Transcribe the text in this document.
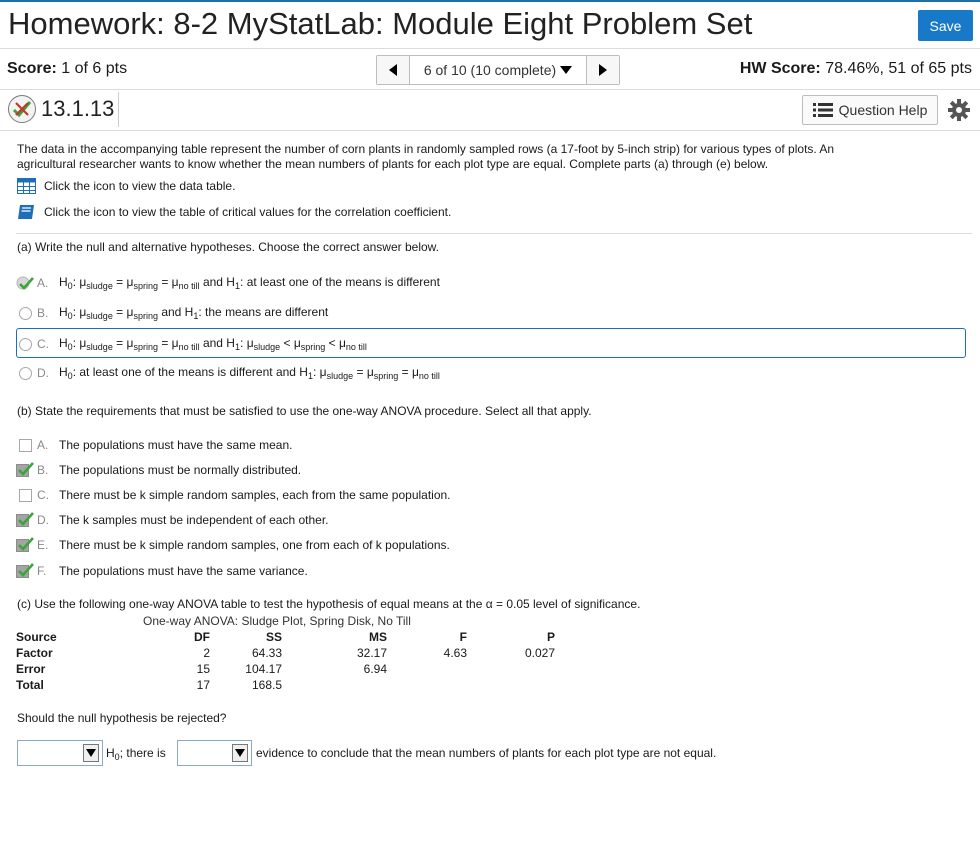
Homework: 8-2 MyStatLab: Module Eight Problem Set	Save
Score: 1 of 6 pts	6 of 10 (10 complete)	HW Score: 78.46%, 51 of 65 pts
13.1.13	Question Help
The data in the accompanying table represent the number of corn plants in randomly sampled rows (a 17-foot by 5-inch strip) for various types of plots. An
agricultural researcher wants to know whether the mean numbers of plants for each plot type are equal. Complete parts (a) through (e) below.
Click the icon to view the data table.
Click the icon to view the table of critical values for the correlation coefficient.
(a) Write the null and alternative hypotheses. Choose the correct answer below.
A. $H_0$: $\mu_{sludge} = \mu_{spring} = \mu_{no till}$ and $H_1$: at least one of the means is different
B. $H_0$: $\mu_{sludge} = \mu_{spring}$ and $H_1$: the means are different
C. $H_0$: $\mu_{sludge} = \mu_{spring} = \mu_{no till}$ and $H_1$: $\mu_{sludge} < \mu_{spring} < \mu_{no till}$
D. $H_0$: at least one of the means is different and $H_1$: $\mu_{sludge} = \mu_{spring} = \mu_{no till}$
(b) State the requirements that must be satisfied to use the one-way ANOVA procedure. Select all that apply.
A. The populations must have the same mean.
B. The populations must be normally distributed.
C. There must be k simple random samples, each from the same population.
D. The k samples must be independent of each other.
E. There must be k simple random samples, one from each of k populations.
F.	The populations must have the same variance.
(c) Use the following one-way ANOVA table to test the hypothesis of equal means at the α = 0.05 level of significance.
One-way ANOVA: Sludge Plot, Spring Disk, No Till
Source	DF	SS	MS	F	P
Factor	2	64.33	32.17	4.63	0.027
Error	15	104.17	6.94		
Total	17	168.5			
Should the null hypothesis be rejected?
$H_0$; there is	evidence to conclude that the mean numbers of plants for each plot type are not equal.
